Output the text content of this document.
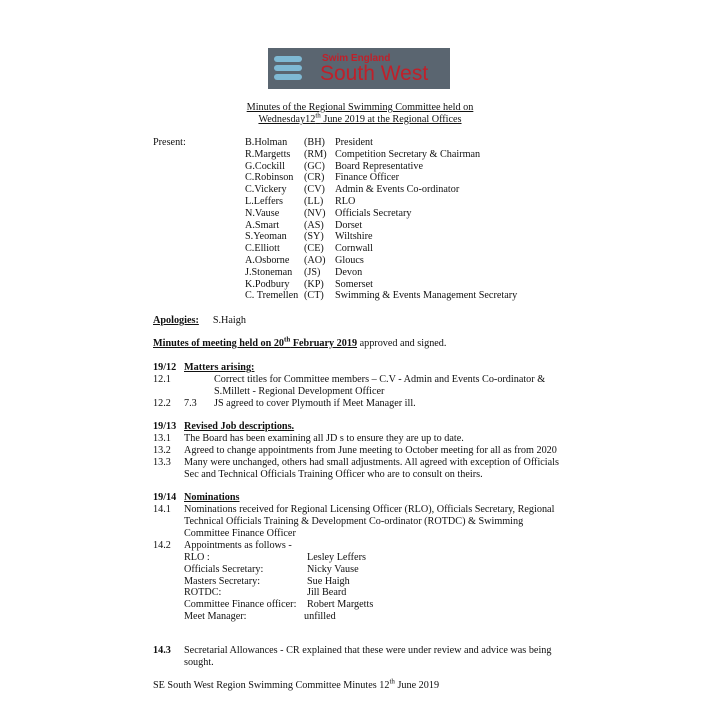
Swim England
South West
Minutes of the Regional Swimming Committee held on
Wednesday12th June 2019 at the Regional Offices
Present:	B.Holman (BH) President
R.Margetts (RM) Competition Secretary & Chairman
G.Cockill (GC) Board Representative
C.Robinson (CR) Finance Officer
C.Vickery (CV) Admin & Events Co-ordinator
L.Leffers (LL) RLO
N.Vause (NV) Officials Secretary
A.Smart (AS) Dorset
S.Yeoman (SY) Wiltshire
C.Elliott (CE) Cornwall
A.Osborne (AO) Gloucs
J.Stoneman (JS) Devon
K.Podbury (KP) Somerset
C. Tremellen (CT) Swimming & Events Management Secretary
Apologies: S.Haigh
Minutes of meeting held on 20th February 2019 approved and signed.
19/12 Matters arising:
12.1	Correct titles for Committee members – C.V - Admin and Events Co-ordinator &
S.Millett - Regional Development Officer
12.2 7.3 JS agreed to cover Plymouth if Meet Manager ill.
19/13 Revised Job descriptions.
13.1 The Board has been examining all JD s to ensure they are up to date.
13.2 Agreed to change appointments from June meeting to October meeting for all as from 2020
13.3 Many were unchanged, others had small adjustments. All agreed with exception of Officials
Sec and Technical Officials Training Officer who are to consult on theirs.
19/14 Nominations
14.1 Nominations received for Regional Licensing Officer (RLO), Officials Secretary, Regional
Technical Officials Training & Development Co-ordinator (ROTDC) & Swimming
Committee Finance Officer
14.2 Appointments as follows -
RLO :	Lesley Leffers
Officials Secretary:	Nicky Vause
Masters Secretary:	Sue Haigh
ROTDC:	Jill Beard
Committee Finance officer: Robert Margetts
Meet Manager:	unfilled
14.3 Secretarial Allowances - CR explained that these were under review and advice was being
sought.
SE South West Region Swimming Committee Minutes 12th June 2019
